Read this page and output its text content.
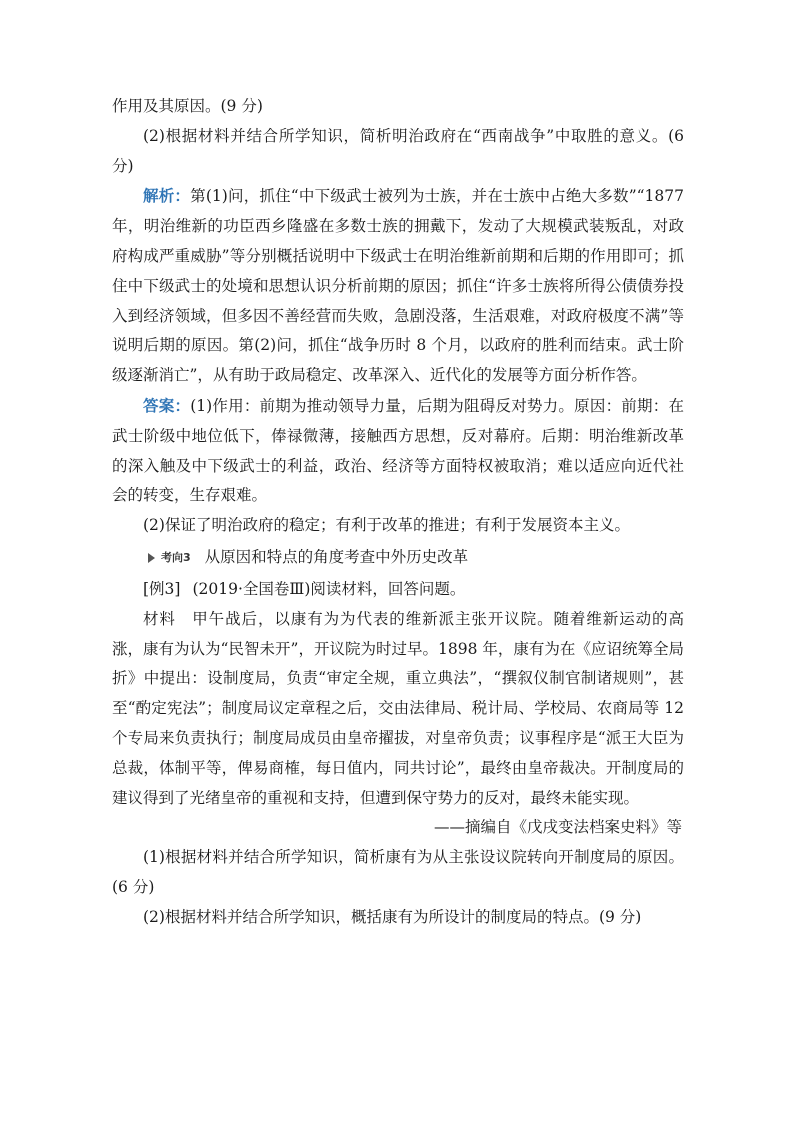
作用及其原因。(9 分)

(2)根据材料并结合所学知识，简析明治政府在“西南战争”中取胜的意义。(6 分)

解析：第(1)问，抓住“中下级武士被列为士族，并在士族中占绝大多数”“1877 年，明治维新的功臣西乡隆盛在多数士族的拥戴下，发动了大规模武装叛乱，对政府构成严重威胁”等分别概括说明中下级武士在明治维新前期和后期的作用即可；抓住中下级武士的处境和思想认识分析前期的原因；抓住“许多士族将所得公债债券投入到经济领域，但多因不善经营而失败，急剧没落，生活艰难，对政府极度不满”等说明后期的原因。第(2)问，抓住“战争历时 8 个月，以政府的胜利而结束。武士阶级逐渐消亡”，从有助于政局稳定、改革深入、近代化的发展等方面分析作答。

答案：(1)作用：前期为推动领导力量，后期为阻碍反对势力。原因：前期：在武士阶级中地位低下，俸禄微薄，接触西方思想，反对幕府。后期：明治维新改革的深入触及中下级武士的利益，政治、经济等方面特权被取消；难以适应向近代社会的转变，生存艰难。

(2)保证了明治政府的稳定；有利于改革的推进；有利于发展资本主义。

考向3 从原因和特点的角度考查中外历史改革

[例3] (2019·全国卷Ⅲ)阅读材料，回答问题。

材料　 甲午战后，以康有为为代表的维新派主张开议院。随着维新运动的高涨，康有为认为“民智未开”，开议院为时过早。1898 年，康有为在《应诏统筹全局折》中提出：设制度局，负责“审定全规，重立典法”，“撰叙仪制官制诸规则”，甚至“酌定宪法”；制度局议定章程之后，交由法律局、税计局、学校局、农商局等 12 个专局来负责执行；制度局成员由皇帝擢拔，对皇帝负责；议事程序是“派王大臣为总裁，体制平等，俾易商榷，每日值内，同共讨论”，最终由皇帝裁决。开制度局的建议得到了光绪皇帝的重视和支持，但遭到保守势力的反对，最终未能实现。

——摘编自《戊戌变法档案史料》等

(1)根据材料并结合所学知识，简析康有为从主张设议院转向开制度局的原因。(6 分)

(2)根据材料并结合所学知识，概括康有为所设计的制度局的特点。(9 分)
